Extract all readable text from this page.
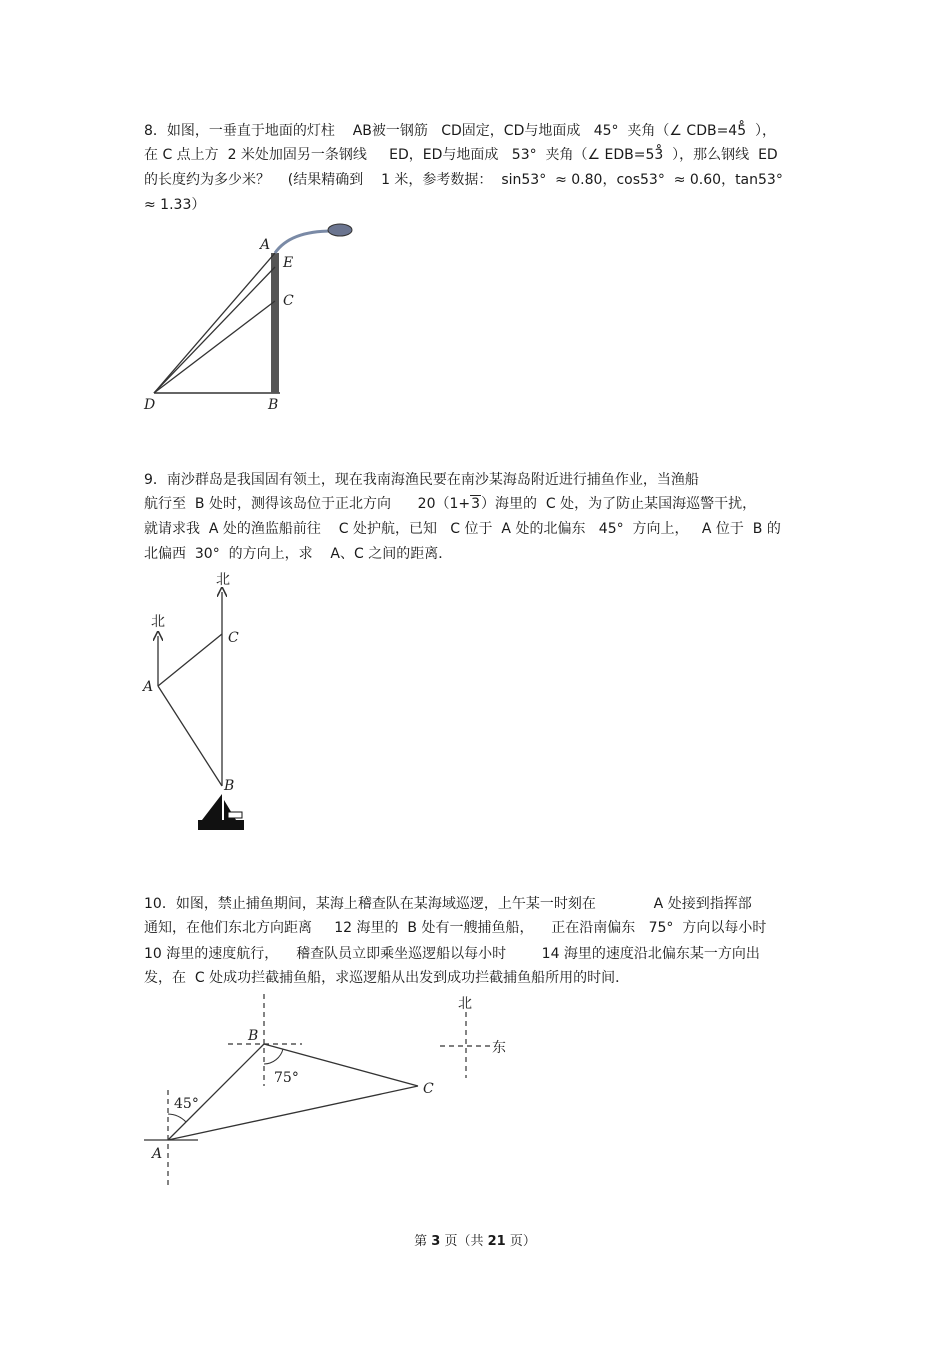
8．如图，一垂直于地面的灯柱    AB被一钢筋   CD固定，CD与地面成   45°  夹角（∠ CDB=45̊  ），
在 C 点上方  2 米处加固另一条钢线     ED，ED与地面成   53°  夹角（∠ EDB=53̊  ），那么钢线  ED
的长度约为多少米？    (结果精确到    1 米，参考数据：  sin53°  ≈ 0.80，cos53°  ≈ 0.60，tan53°
≈ 1.33）
A
E
C
D	B
9．南沙群岛是我国固有领土，现在我南海渔民要在南沙某海岛附近进行捕鱼作业，当渔船
航行至  B 处时，测得该岛位于正北方向      20（1+3）海里的  C 处，为了防止某国海巡警干扰，
就请求我  A 处的渔监船前往    C 处护航，已知   C 位于  A 处的北偏东   45°  方向上，   A 位于  B 的
北偏西  30°  的方向上，求    A、C 之间的距离．
北
北
C
A
B
10．如图，禁止捕鱼期间，某海上稽查队在某海域巡逻，上午某一时刻在             A 处接到指挥部
通知，在他们东北方向距离     12 海里的  B 处有一艘捕鱼船，    正在沿南偏东   75°  方向以每小时
10 海里的速度航行，    稽查队员立即乘坐巡逻船以每小时        14 海里的速度沿北偏东某一方向出
发，在  C 处成功拦截捕鱼船，求巡逻船从出发到成功拦截捕鱼船所用的时间．
45°
75°
A
B
C
北
东
第 3 页（共 21 页）
